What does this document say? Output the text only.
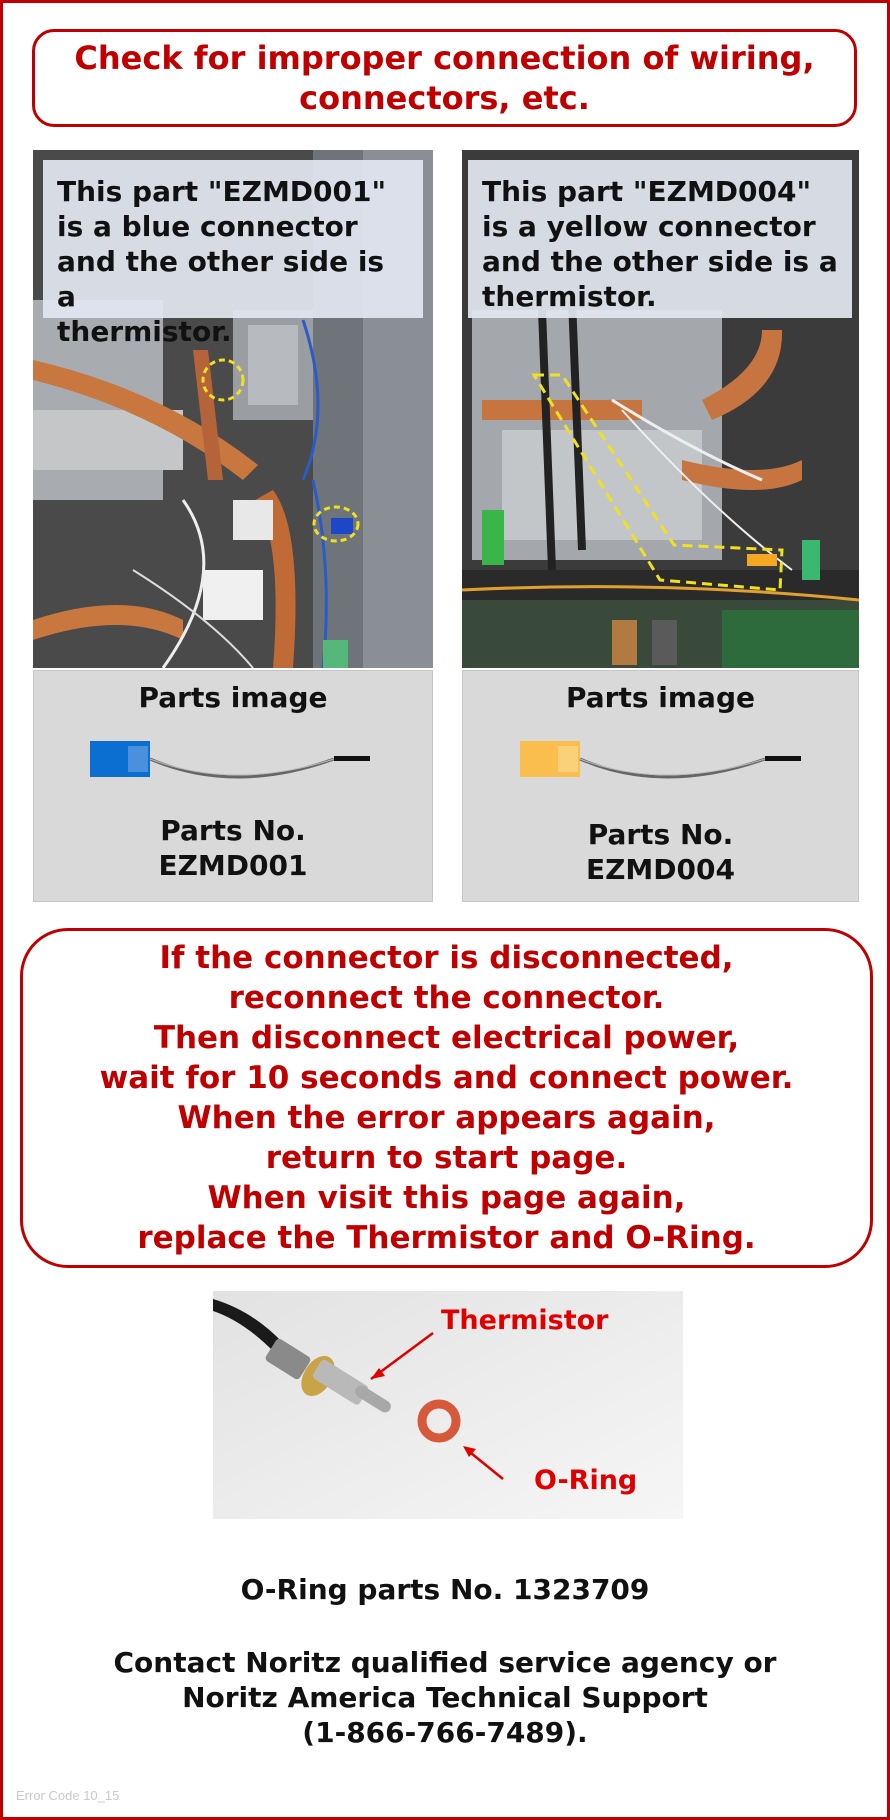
Check for improper connection of wiring,
connectors, etc.
This part "EZMD001"
is a blue connector
and the other side is a
thermistor.
This part "EZMD004"
is a yellow connector
and the other side is a
thermistor.
Parts image
Parts No.
EZMD001
Parts image
Parts No.
EZMD004
If the connector is disconnected,
reconnect the connector.
Then disconnect electrical power,
wait for 10 seconds and connect power.
When the error appears again,
return to start page.
When visit this page again,
replace the Thermistor and O-Ring.
Thermistor
O-Ring
O-Ring parts No. 1323709
Contact Noritz qualified service agency or
Noritz America Technical Support
(1-866-766-7489).
Error Code 10_15
